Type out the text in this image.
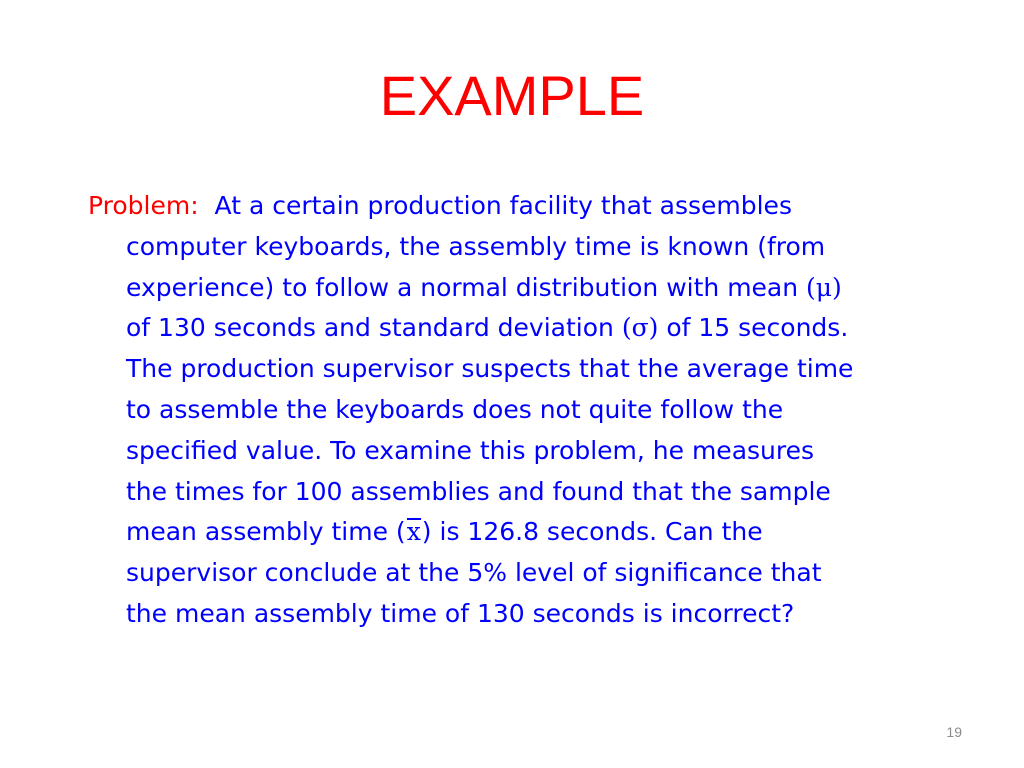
EXAMPLE
Problem: At a certain production facility that assembles
computer keyboards, the assembly time is known (from
experience) to follow a normal distribution with mean (μ)
of 130 seconds and standard deviation (σ) of 15 seconds.
The production supervisor suspects that the average time
to assemble the keyboards does not quite follow the
specified value. To examine this problem, he measures
the times for 100 assemblies and found that the sample
mean assembly time (x) is 126.8 seconds. Can the
supervisor conclude at the 5% level of significance that
the mean assembly time of 130 seconds is incorrect?
19
